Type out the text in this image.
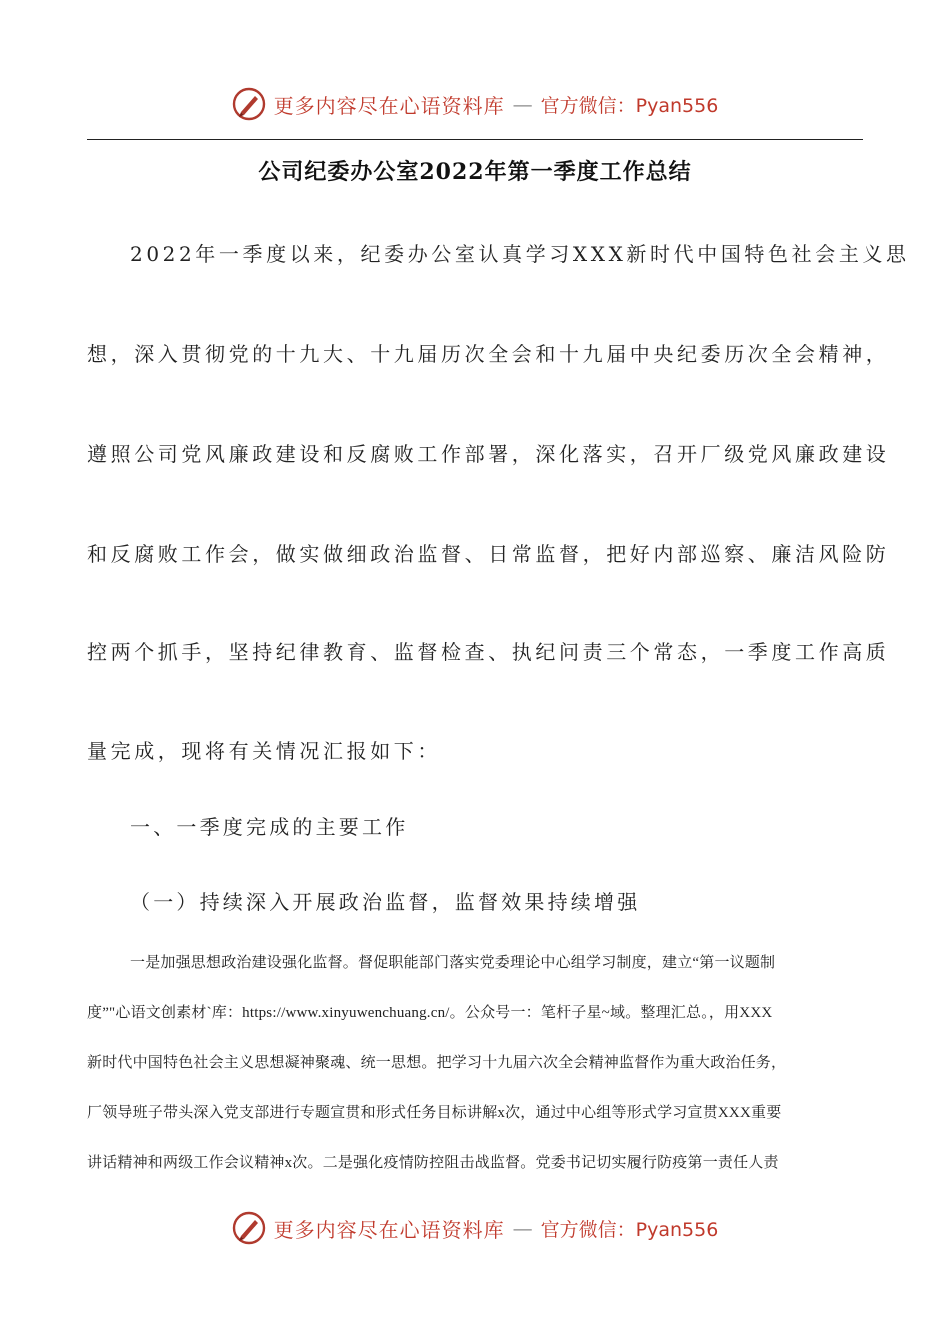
更多内容尽在心语资料库 — 官方微信：Pyan556
公司纪委办公室2022年第一季度工作总结
2022年一季度以来，纪委办公室认真学习XXX新时代中国特色社会主义思
想，深入贯彻党的十九大、十九届历次全会和十九届中央纪委历次全会精神，
遵照公司党风廉政建设和反腐败工作部署，深化落实，召开厂级党风廉政建设
和反腐败工作会，做实做细政治监督、日常监督，把好内部巡察、廉洁风险防
控两个抓手，坚持纪律教育、监督检查、执纪问责三个常态，一季度工作高质
量完成，现将有关情况汇报如下：
一、一季度完成的主要工作
（一）持续深入开展政治监督，监督效果持续增强
一是加强思想政治建设强化监督。督促职能部门落实党委理论中心组学习制度，建立“第一议题制
度”"心语文创素材`库：https://www.xinyuwenchuang.cn/。公众号一：笔杆子星~域。整理汇总。，用XXX
新时代中国特色社会主义思想凝神聚魂、统一思想。把学习十九届六次全会精神监督作为重大政治任务，
厂领导班子带头深入党支部进行专题宣贯和形式任务目标讲解x次，通过中心组等形式学习宣贯XXX重要
讲话精神和两级工作会议精神x次。二是强化疫情防控阻击战监督。党委书记切实履行防疫第一责任人责
更多内容尽在心语资料库 — 官方微信：Pyan556
